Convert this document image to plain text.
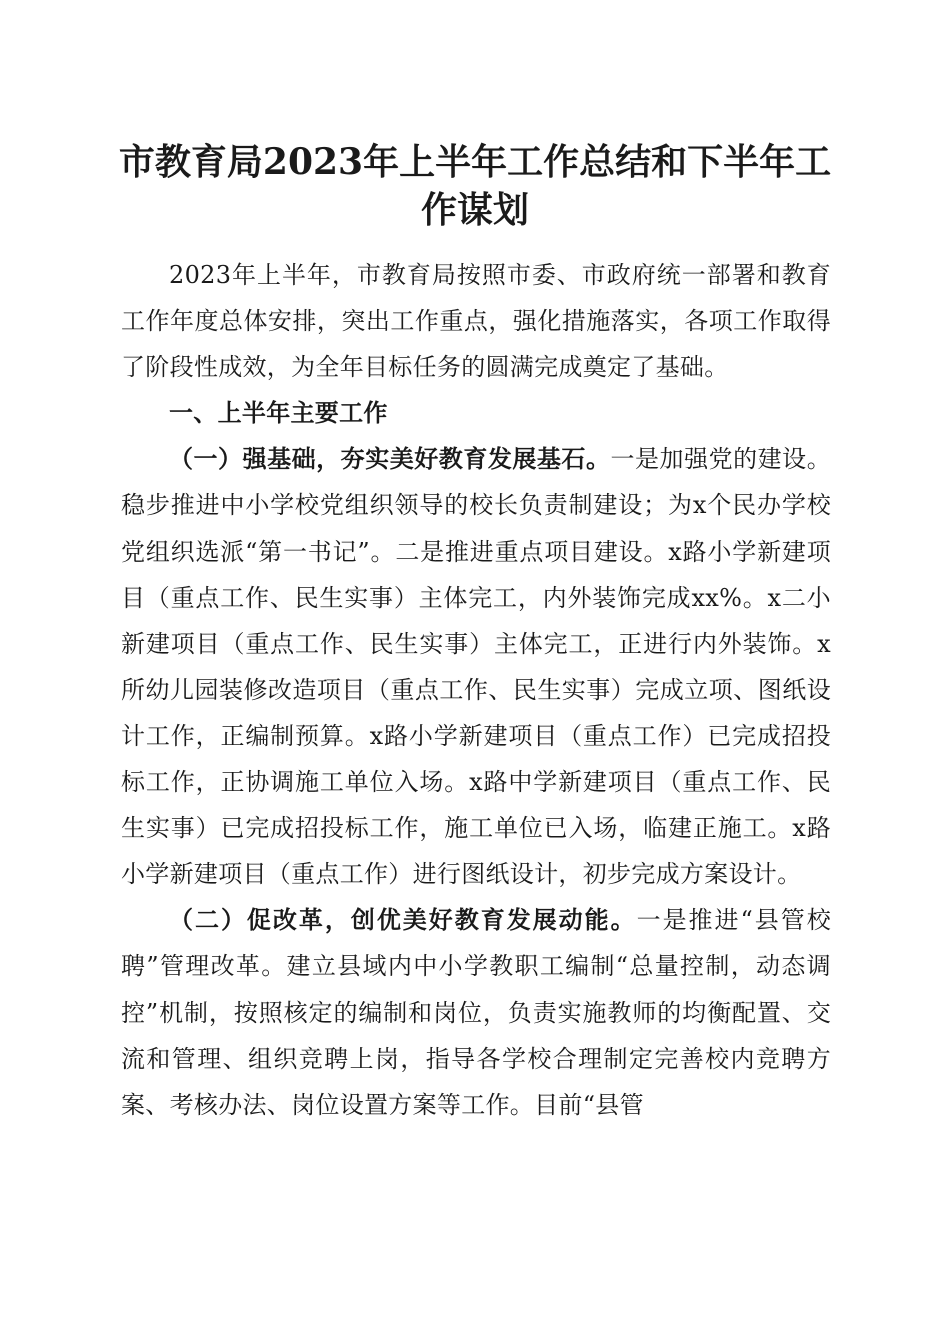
市教育局2023年上半年工作总结和下半年工作谋划

2023年上半年，市教育局按照市委、市政府统一部署和教育工作年度总体安排，突出工作重点，强化措施落实，各项工作取得了阶段性成效，为全年目标任务的圆满完成奠定了基础。

一、上半年主要工作

（一）强基础，夯实美好教育发展基石。一是加强党的建设。稳步推进中小学校党组织领导的校长负责制建设；为x个民办学校党组织选派“第一书记”。二是推进重点项目建设。x路小学新建项目（重点工作、民生实事）主体完工，内外装饰完成xx%。x二小新建项目（重点工作、民生实事）主体完工，正进行内外装饰。x所幼儿园装修改造项目（重点工作、民生实事）完成立项、图纸设计工作，正编制预算。x路小学新建项目（重点工作）已完成招投标工作，正协调施工单位入场。x路中学新建项目（重点工作、民生实事）已完成招投标工作，施工单位已入场，临建正施工。x路小学新建项目（重点工作）进行图纸设计，初步完成方案设计。

（二）促改革，创优美好教育发展动能。一是推进“县管校聘”管理改革。建立县域内中小学教职工编制“总量控制，动态调控”机制，按照核定的编制和岗位，负责实施教师的均衡配置、交流和管理、组织竞聘上岗，指导各学校合理制定完善校内竞聘方案、考核办法、岗位设置方案等工作。目前“县管
